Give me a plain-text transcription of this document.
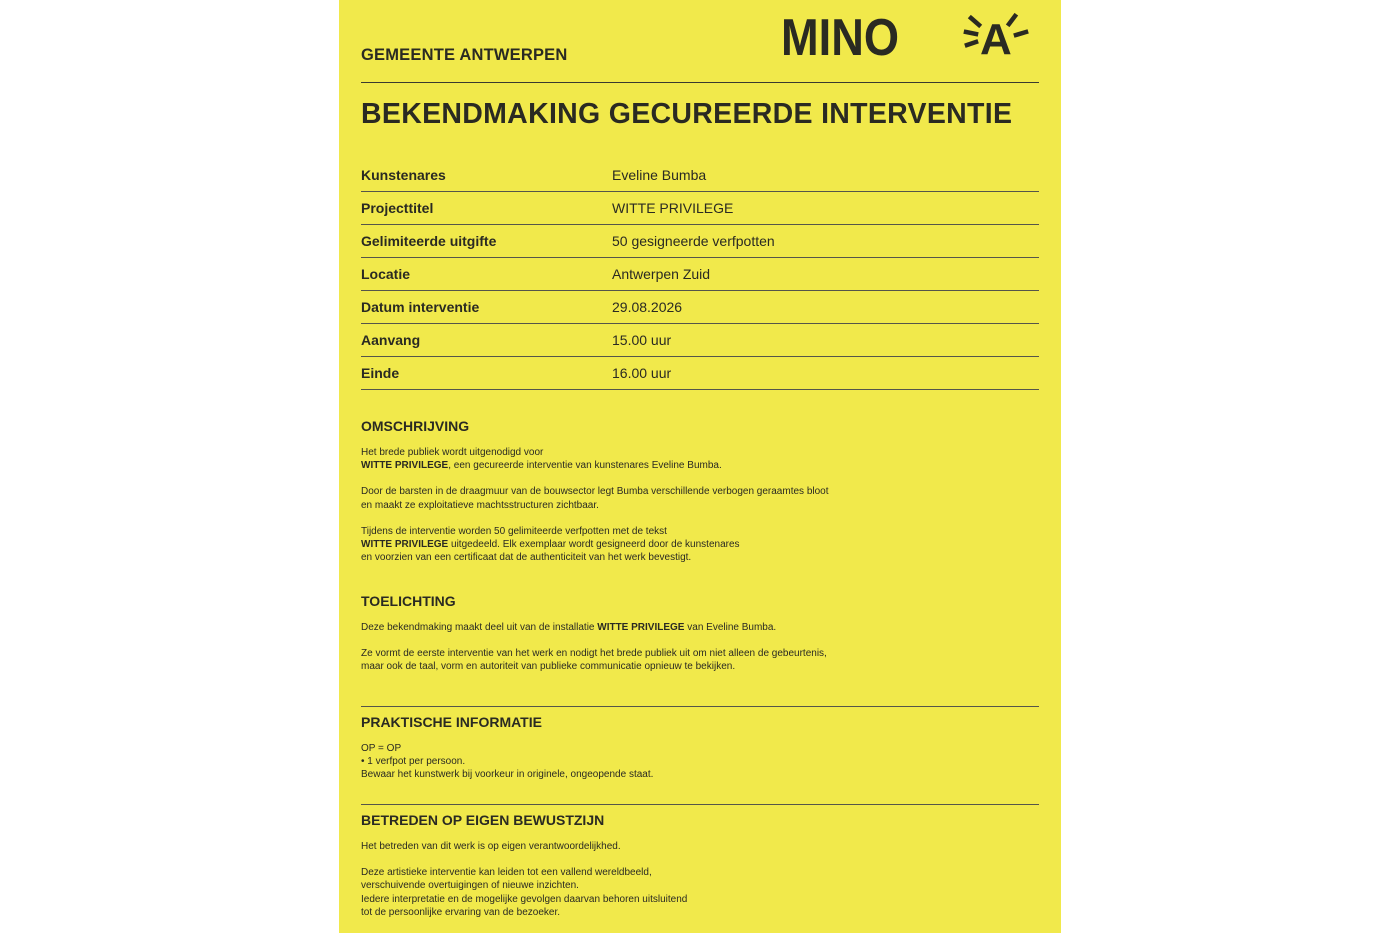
GEMEENTE ANTWERPEN	MINO A
BEKENDMAKING GECUREERDE INTERVENTIE
Kunstenares	Eveline Bumba
Projecttitel	WITTE PRIVILEGE
Gelimiteerde uitgifte	50 gesigneerde verfpotten
Locatie	Antwerpen Zuid
Datum interventie	29.08.2026
Aanvang	15.00 uur
Einde	16.00 uur
OMSCHRIJVING

Het brede publiek wordt uitgenodigd voor
WITTE PRIVILEGE, een gecureerde interventie van kunstenares Eveline Bumba.

Door de barsten in de draagmuur van de bouwsector legt Bumba verschillende verbogen geraamtes bloot
en maakt ze exploitatieve machtsstructuren zichtbaar.

Tijdens de interventie worden 50 gelimiteerde verfpotten met de tekst
WITTE PRIVILEGE uitgedeeld. Elk exemplaar wordt gesigneerd door de kunstenares
en voorzien van een certificaat dat de authenticiteit van het werk bevestigt.

TOELICHTING

Deze bekendmaking maakt deel uit van de installatie WITTE PRIVILEGE van Eveline Bumba.

Ze vormt de eerste interventie van het werk en nodigt het brede publiek uit om niet alleen de gebeurtenis,
maar ook de taal, vorm en autoriteit van publieke communicatie opnieuw te bekijken.

PRAKTISCHE INFORMATIE

OP = OP
• 1 verfpot per persoon.
Bewaar het kunstwerk bij voorkeur in originele, ongeopende staat.

BETREDEN OP EIGEN BEWUSTZIJN

Het betreden van dit werk is op eigen verantwoordelijkhed.

Deze artistieke interventie kan leiden tot een vallend wereldbeeld,
verschuivende overtuigingen of nieuwe inzichten.
Iedere interpretatie en de mogelijke gevolgen daarvan behoren uitsluitend
tot de persoonlijke ervaring van de bezoeker.
